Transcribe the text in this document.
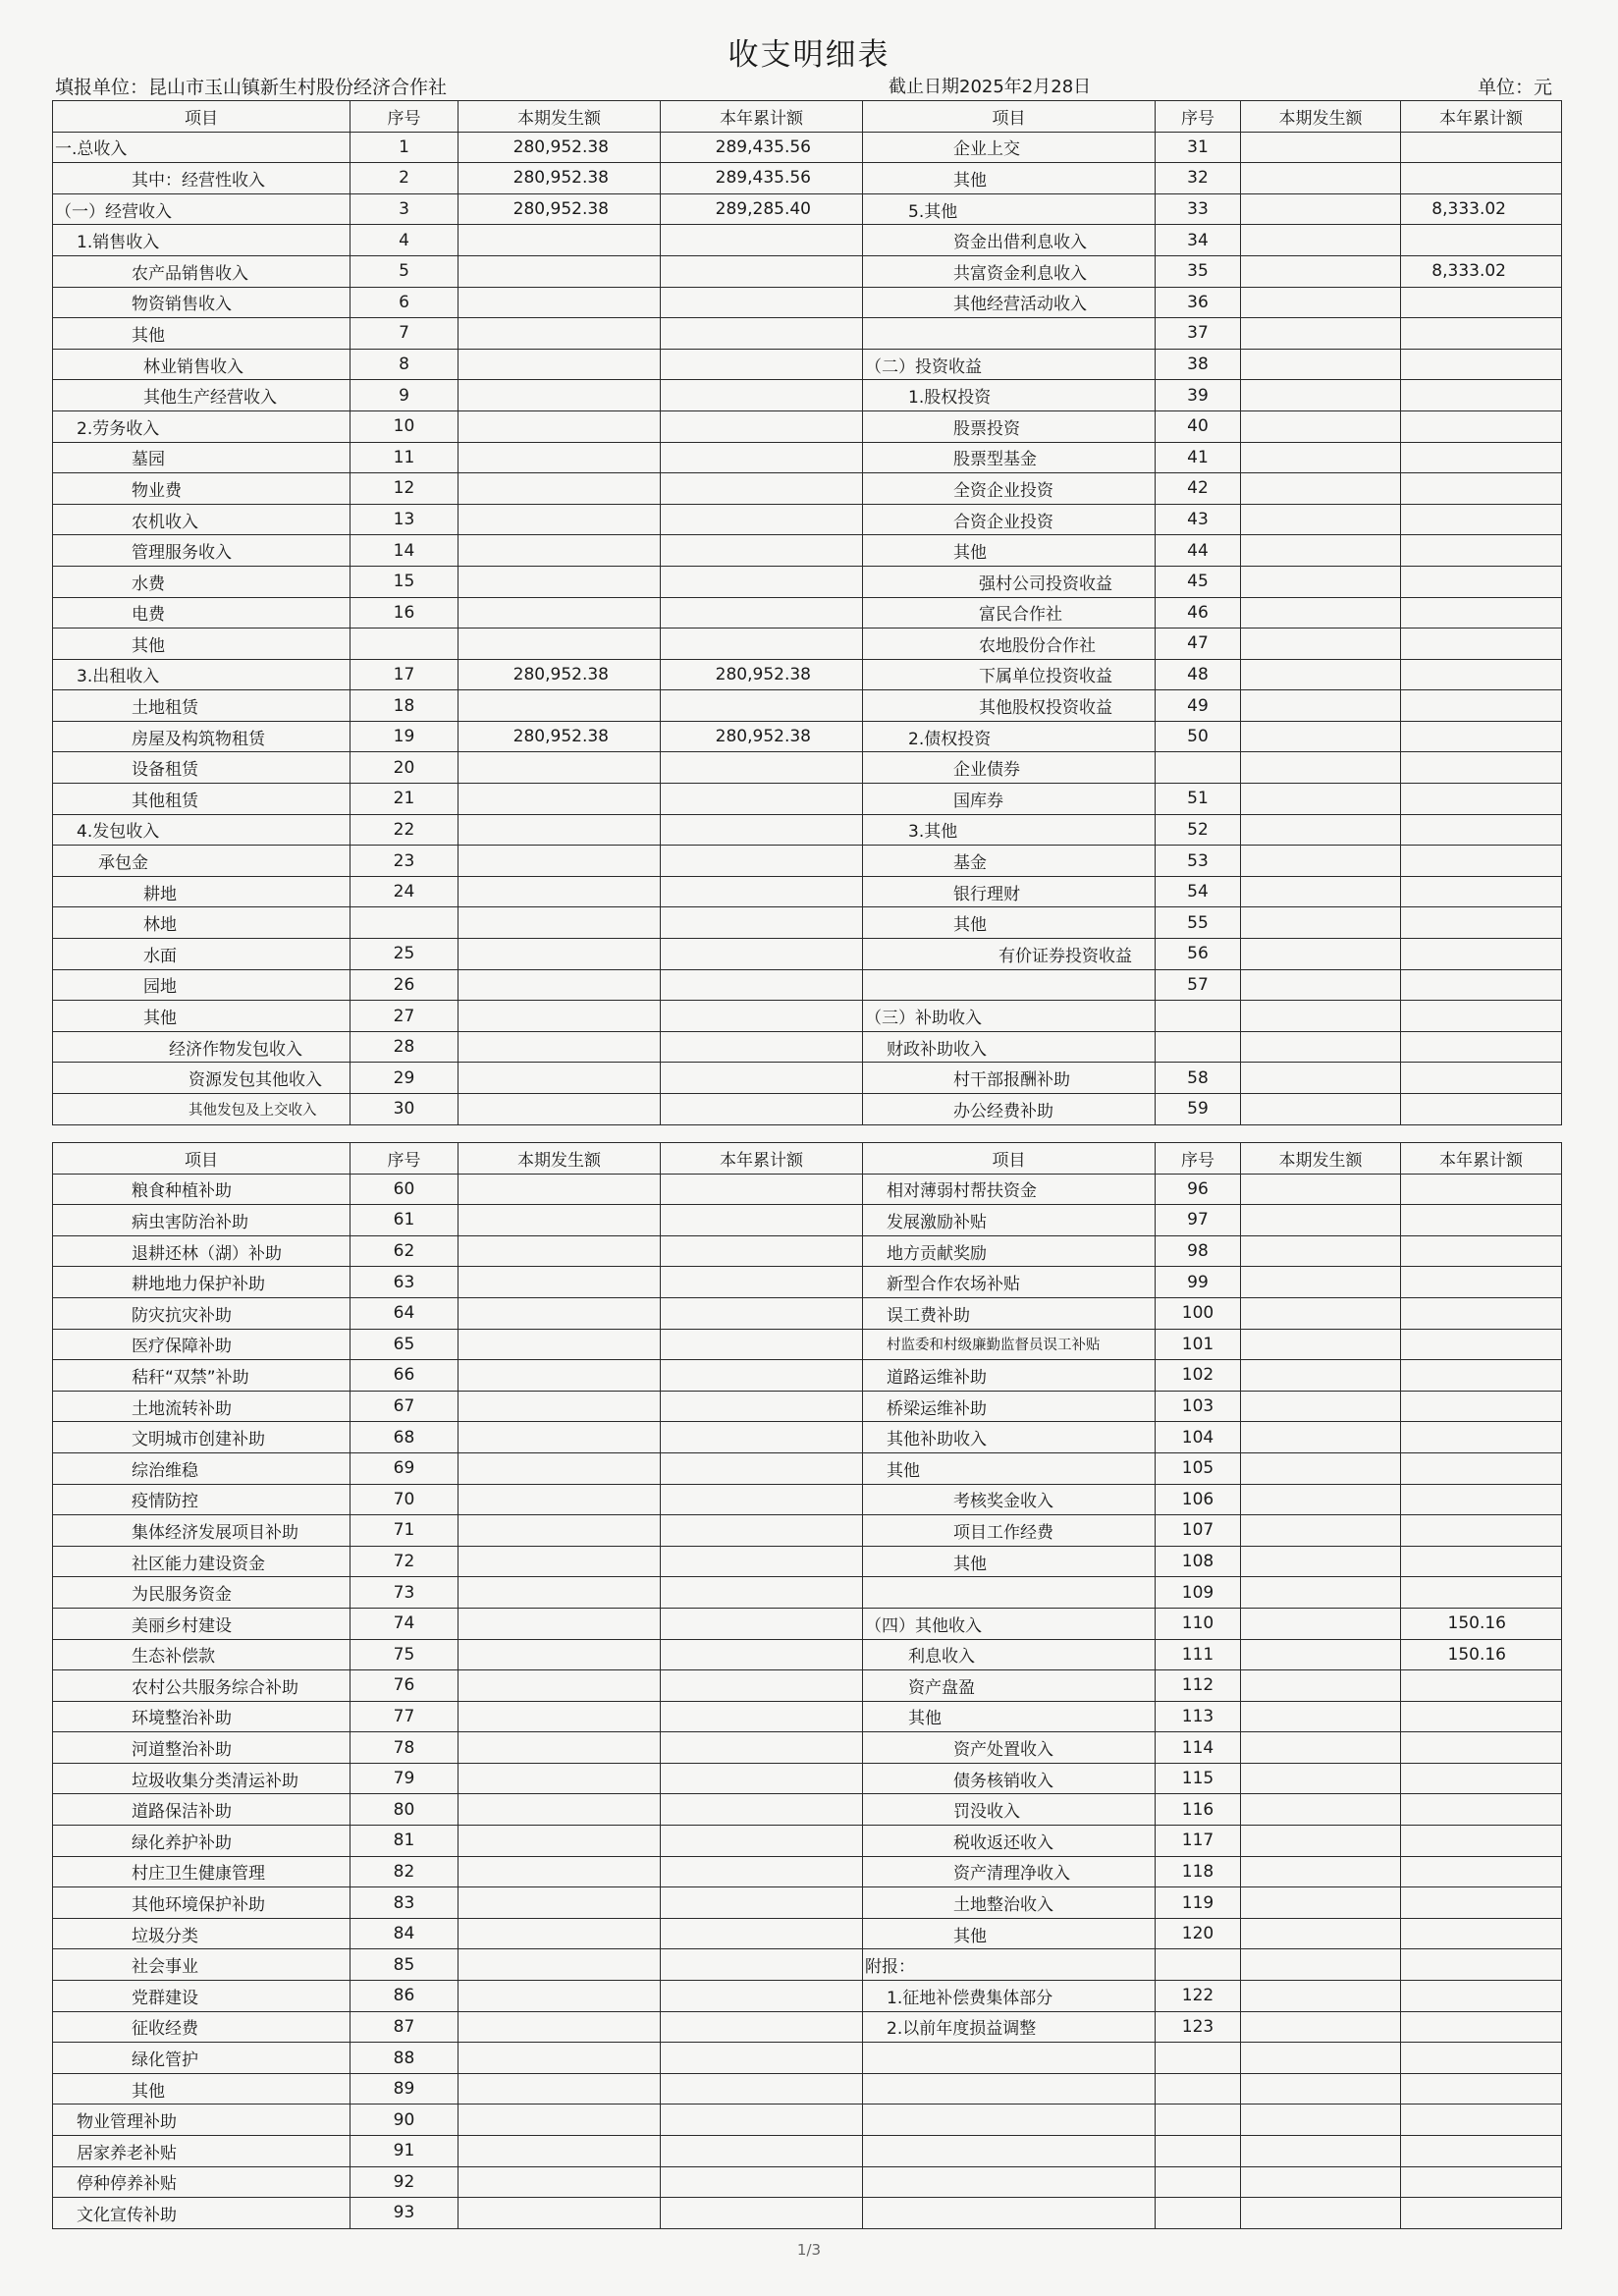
收支明细表
填报单位：昆山市玉山镇新生村股份经济合作社	截止日期2025年2月28日	单位：元
项目	序号	本期发生额	本年累计额	项目	序号	本期发生额	本年累计额
一.总收入	1	280,952.38	289,435.56	企业上交	31		
其中：经营性收入	2	280,952.38	289,435.56	其他	32		
（一）经营收入	3	280,952.38	289,285.40	5.其他	33		8,333.02
1.销售收入	4			资金出借利息收入	34		
农产品销售收入	5			共富资金利息收入	35		8,333.02
物资销售收入	6			其他经营活动收入	36		
其他	7				37		
林业销售收入	8			（二）投资收益	38		
其他生产经营收入	9			1.股权投资	39		
2.劳务收入	10			股票投资	40		
墓园	11			股票型基金	41		
物业费	12			全资企业投资	42		
农机收入	13			合资企业投资	43		
管理服务收入	14			其他	44		
水费	15			强村公司投资收益	45		
电费	16			富民合作社	46		
其他				农地股份合作社	47		
3.出租收入	17	280,952.38	280,952.38	下属单位投资收益	48		
土地租赁	18			其他股权投资收益	49		
房屋及构筑物租赁	19	280,952.38	280,952.38	2.债权投资	50		
设备租赁	20			企业债券			
其他租赁	21			国库券	51		
4.发包收入	22			3.其他	52		
承包金	23			基金	53		
耕地	24			银行理财	54		
林地				其他	55		
水面	25			有价证券投资收益	56		
园地	26				57		
其他	27			（三）补助收入			
经济作物发包收入	28			财政补助收入			
资源发包其他收入	29			村干部报酬补助	58		
其他发包及上交收入	30			办公经费补助	59		
项目	序号	本期发生额	本年累计额	项目	序号	本期发生额	本年累计额
粮食种植补助	60			相对薄弱村帮扶资金	96		
病虫害防治补助	61			发展激励补贴	97		
退耕还林（湖）补助	62			地方贡献奖励	98		
耕地地力保护补助	63			新型合作农场补贴	99		
防灾抗灾补助	64			误工费补助	100		
医疗保障补助	65			村监委和村级廉勤监督员误工补贴	101		
秸秆“双禁”补助	66			道路运维补助	102		
土地流转补助	67			桥梁运维补助	103		
文明城市创建补助	68			其他补助收入	104		
综治维稳	69			其他	105		
疫情防控	70			考核奖金收入	106		
集体经济发展项目补助	71			项目工作经费	107		
社区能力建设资金	72			其他	108		
为民服务资金	73				109		
美丽乡村建设	74			（四）其他收入	110		150.16
生态补偿款	75			利息收入	111		150.16
农村公共服务综合补助	76			资产盘盈	112		
环境整治补助	77			其他	113		
河道整治补助	78			资产处置收入	114		
垃圾收集分类清运补助	79			债务核销收入	115		
道路保洁补助	80			罚没收入	116		
绿化养护补助	81			税收返还收入	117		
村庄卫生健康管理	82			资产清理净收入	118		
其他环境保护补助	83			土地整治收入	119		
垃圾分类	84			其他	120		
社会事业	85			附报：			
党群建设	86			1.征地补偿费集体部分	122		
征收经费	87			2.以前年度损益调整	123		
绿化管护	88						
其他	89						
物业管理补助	90						
居家养老补贴	91						
停种停养补贴	92						
文化宣传补助	93						
1/3
